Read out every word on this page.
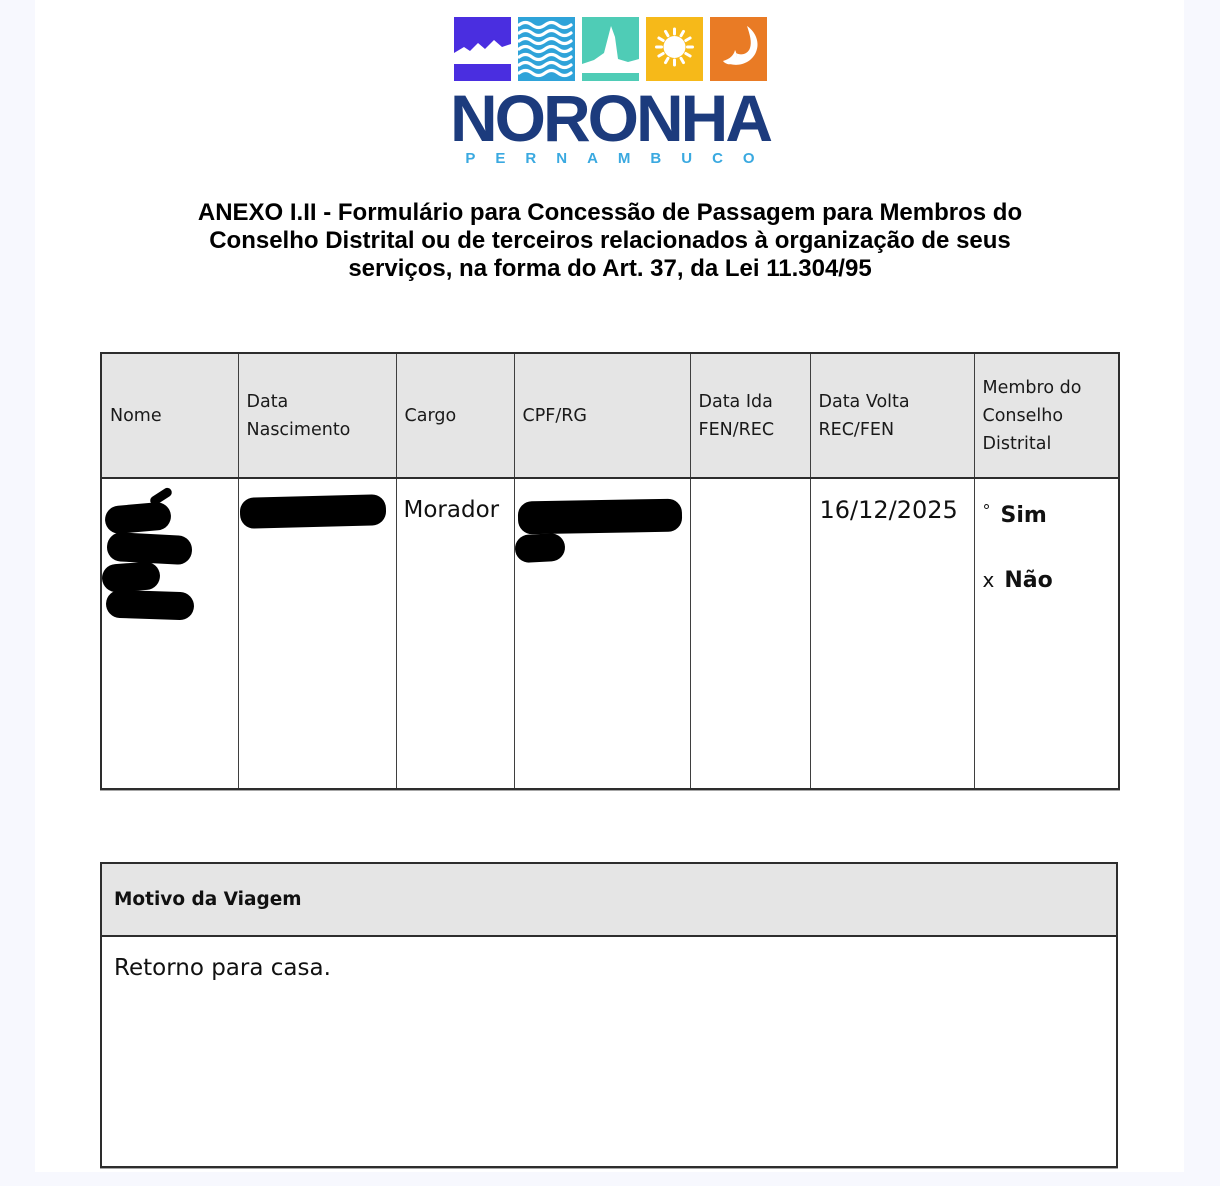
NORONHA
PERNAMBUCO
ANEXO I.II - Formulário para Concessão de Passagem para Membros do
Conselho Distrital ou de terceiros relacionados à organização de seus
serviços, na forma do Art. 37, da Lei 11.304/95
Nome	Data Nascimento	Cargo	CPF/RG	Data Ida FEN/REC	Data Volta REC/FEN	Membro do Conselho Distrital

		Morador			16/12/2025	° Sim
x Não
Motivo da Viagem
Retorno para casa.
